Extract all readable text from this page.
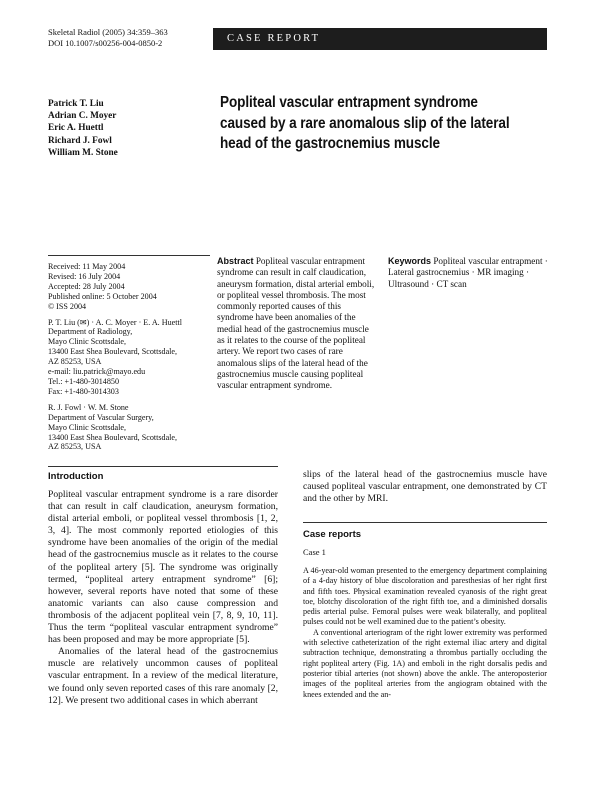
Skeletal Radiol (2005) 34:359–363
DOI 10.1007/s00256-004-0850-2	CASE REPORT
Patrick T. Liu
Adrian C. Moyer
Eric A. Huettl
Richard J. Fowl
William M. Stone
Popliteal vascular entrapment syndrome caused by a rare anomalous slip of the lateral head of the gastrocnemius muscle
Received: 11 May 2004
Revised: 16 July 2004
Accepted: 28 July 2004
Published online: 5 October 2004
© ISS 2004
P. T. Liu (✉) · A. C. Moyer · E. A. Huettl
Department of Radiology,
Mayo Clinic Scottsdale,
13400 East Shea Boulevard, Scottsdale,
AZ 85253, USA
e-mail: liu.patrick@mayo.edu
Tel.: +1-480-3014850
Fax: +1-480-3014303
R. J. Fowl · W. M. Stone
Department of Vascular Surgery,
Mayo Clinic Scottsdale,
13400 East Shea Boulevard, Scottsdale,
AZ 85253, USA
Abstract Popliteal vascular entrapment syndrome can result in calf claudication, aneurysm formation, distal arterial emboli, or popliteal vessel thrombosis. The most commonly reported causes of this syndrome have been anomalies of the medial head of the gastrocnemius muscle as it relates to the course of the popliteal artery. We report two cases of rare anomalous slips of the lateral head of the gastrocnemius muscle causing popliteal vascular entrapment syndrome.
Keywords Popliteal vascular entrapment · Lateral gastrocnemius · MR imaging · Ultrasound · CT scan
Introduction

Popliteal vascular entrapment syndrome is a rare disorder that can result in calf claudication, aneurysm formation, distal arterial emboli, or popliteal vessel thrombosis [1, 2, 3, 4]. The most commonly reported etiologies of this syndrome have been anomalies of the origin of the medial head of the gastrocnemius muscle as it relates to the course of the popliteal artery [5]. The syndrome was originally termed, “popliteal artery entrapment syndrome” [6]; however, several reports have noted that some of these anatomic variants can also cause compression and thrombosis of the adjacent popliteal vein [7, 8, 9, 10, 11]. Thus the term “popliteal vascular entrapment syndrome” has been proposed and may be more appropriate [5].

Anomalies of the lateral head of the gastrocnemius muscle are relatively uncommon causes of popliteal vascular entrapment. In a review of the medical literature, we found only seven reported cases of this rare anomaly [2, 12]. We present two additional cases in which aberrant

slips of the lateral head of the gastrocnemius muscle have caused popliteal vascular entrapment, one demonstrated by CT and the other by MRI.

Case reports
Case 1

A 46-year-old woman presented to the emergency department complaining of a 4-day history of blue discoloration and paresthesias of her right first and fifth toes. Physical examination revealed cyanosis of the right great toe, blotchy discoloration of the right fifth toe, and a diminished dorsalis pedis arterial pulse. Femoral pulses were weak bilaterally, and popliteal pulses could not be well examined due to the patient’s obesity.

A conventional arteriogram of the right lower extremity was performed with selective catheterization of the right external iliac artery and digital subtraction technique, demonstrating a thrombus partially occluding the right popliteal artery (Fig. 1A) and emboli in the right dorsalis pedis and posterior tibial arteries (not shown) above the ankle. The anteroposterior images of the popliteal arteries from the angiogram obtained with the knees extended and the an-
